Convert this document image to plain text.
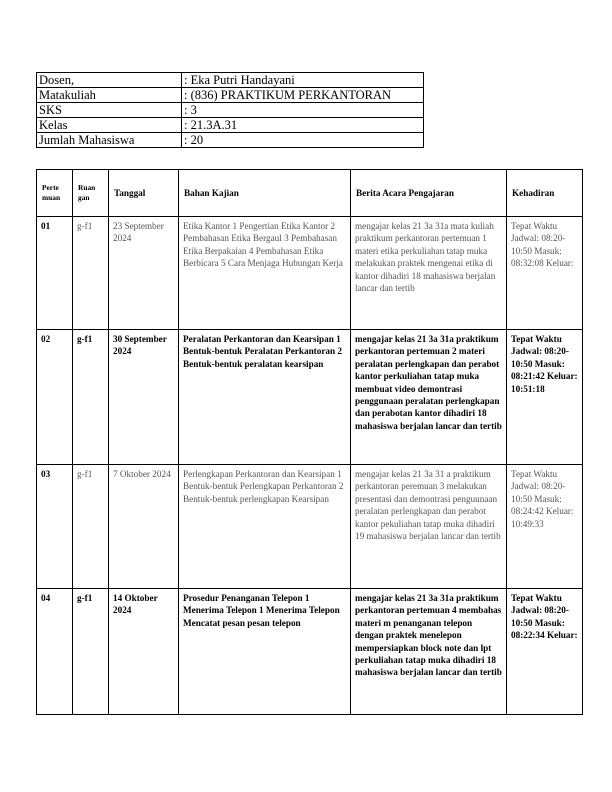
Dosen,	: Eka Putri Handayani
Matakuliah	: (836) PRAKTIKUM PERKANTORAN
SKS	: 3
Kelas	: 21.3A.31
Jumlah Mahasiswa	: 20
Perte muan	Ruan gan	Tanggal	Bahan Kajian	Berita Acara Pengajaran	Kehadiran
01	g-f1	23 September 2024	Etika Kantor 1 Pengertian Etika Kantor 2 Pembahasan Etika Bergaul 3 Pembahasan Etika Berpakaian 4 Pembahasan Etika Berbicara 5 Cara Menjaga Hubungan Kerja	mengajar kelas 21 3a 31a mata kuliah praktikum perkantoran pertemuan 1 materi etika perkuliahan tatap muka melakukan praktek mengenai etika di kantor dihadiri 18 mahasiswa berjalan lancar dan tertib	Tepat Waktu Jadwal: 08:20-10:50 Masuk: 08:32:08 Keluar:
02	g-f1	30 September 2024	Peralatan Perkantoran dan Kearsipan 1 Bentuk-bentuk Peralatan Perkantoran 2 Bentuk-bentuk peralatan kearsipan	mengajar kelas 21 3a 31a praktikum perkantoran pertemuan 2 materi peralatan perlengkapan dan perabot kantor perkuliahan tatap muka membuat video demontrasi penggunaan peralatan perlengkapan dan perabotan kantor dihadiri 18 mahasiswa berjalan lancar dan tertib	Tepat Waktu Jadwal: 08:20-10:50 Masuk: 08:21:42 Keluar: 10:51:18
03	g-f1	7 Oktober 2024	Perlengkapan Perkantoran dan Kearsipan 1 Bentuk-bentuk Perlengkapan Perkantoran 2 Bentuk-bentuk perlengkapan Kearsipan	mengajar kelas 21 3a 31 a praktikum perkantoran peremuan 3 melakukan presentasi dan demontrasi penguunaan peralatan perlengkapan dan perabot kantor pekuliahan tatap muka dihadiri 19 mahasiswa berjalan lancar dan tertib	Tepat Waktu Jadwal: 08:20-10:50 Masuk: 08:24:42 Keluar: 10:49:33
04	g-f1	14 Oktober 2024	Prosedur Penanganan Telepon 1 Menerima Telepon 1 Menerima Telepon Mencatat pesan pesan telepon	mengajar kelas 21 3a 31a praktikum perkantoran pertemuan 4 membahas materi m penanganan telepon dengan praktek menelepon mempersiapkan block note dan lpt perkuliahan tatap muka dihadiri 18 mahasiswa berjalan lancar dan tertib	Tepat Waktu Jadwal: 08:20-10:50 Masuk: 08:22:34 Keluar:
